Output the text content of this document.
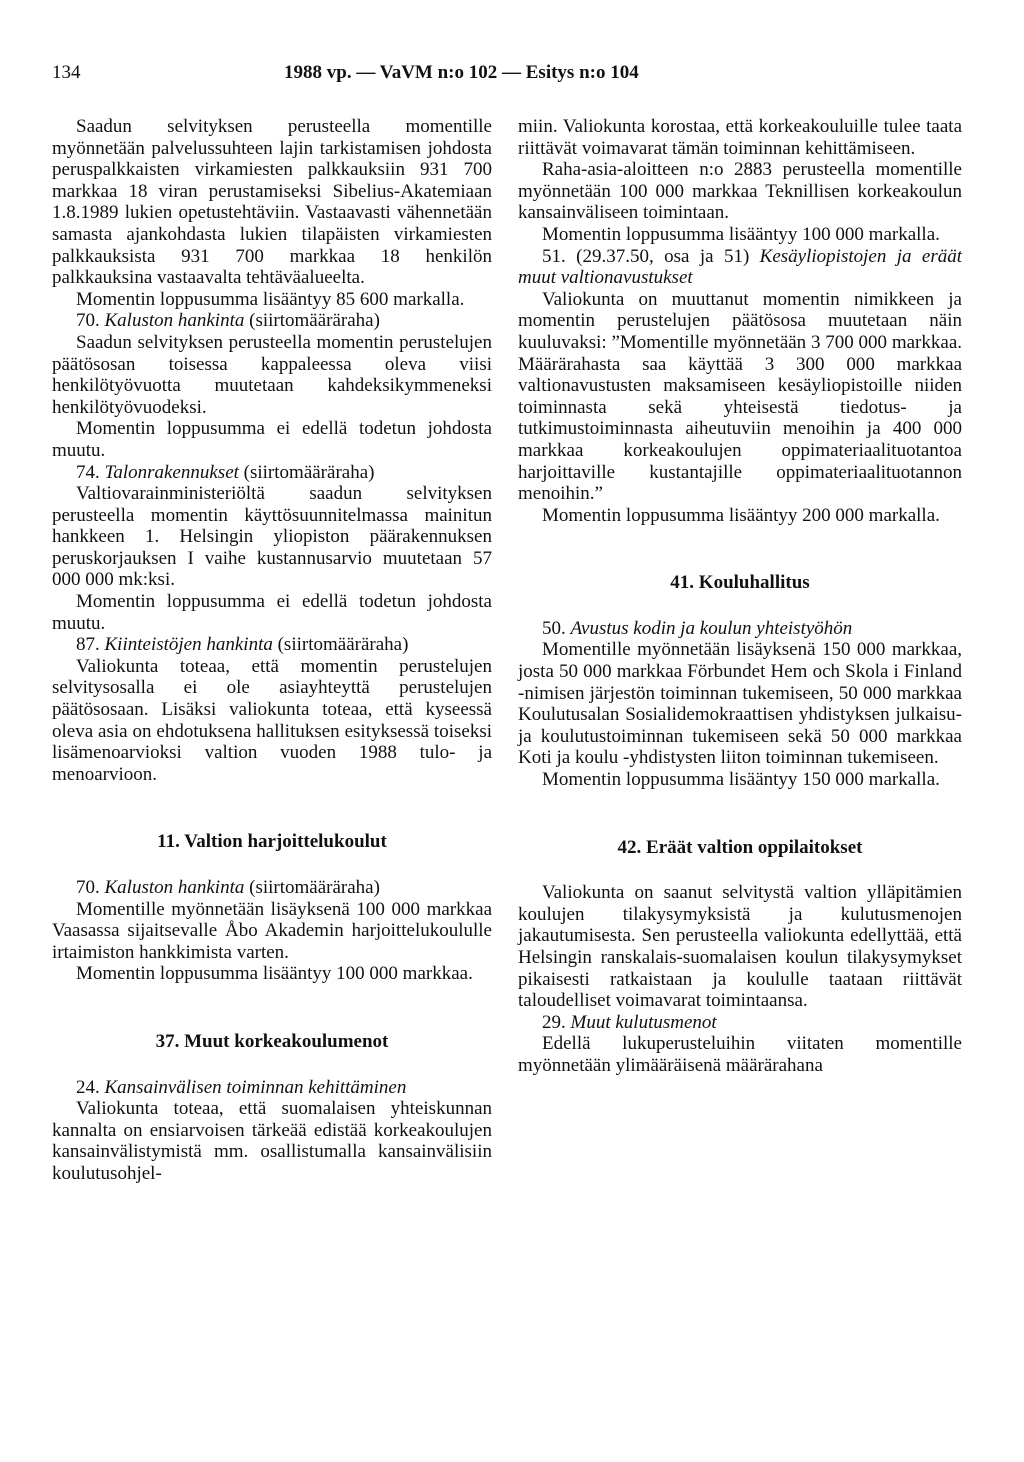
134	1988 vp. — VaVM n:o 102 — Esitys n:o 104
Saadun selvityksen perusteella momentille myönnetään palvelussuhteen lajin tarkistamisen johdosta peruspalkkaisten virkamiesten palkkauksiin 931 700 markkaa 18 viran perustamiseksi Sibelius-Akatemiaan 1.8.1989 lukien opetustehtäviin. Vastaavasti vähennetään samasta ajankohdasta lukien tilapäisten virkamiesten palkkauksista 931 700 markkaa 18 henkilön palkkauksina vastaavalta tehtäväalueelta.
Momentin loppusumma lisääntyy 85 600 markalla.
70. Kaluston hankinta (siirtomääräraha)
Saadun selvityksen perusteella momentin perustelujen päätösosan toisessa kappaleessa oleva viisi henkilötyövuotta muutetaan kahdeksikymmeneksi henkilötyövuodeksi.
Momentin loppusumma ei edellä todetun johdosta muutu.
74. Talonrakennukset (siirtomääräraha)
Valtiovarainministeriöltä saadun selvityksen perusteella momentin käyttösuunnitelmassa mainitun hankkeen 1. Helsingin yliopiston päärakennuksen peruskorjauksen I vaihe kustannusarvio muutetaan 57 000 000 mk:ksi.
Momentin loppusumma ei edellä todetun johdosta muutu.
87. Kiinteistöjen hankinta (siirtomääräraha)
Valiokunta toteaa, että momentin perustelujen selvitysosalla ei ole asiayhteyttä perustelujen päätösosaan. Lisäksi valiokunta toteaa, että kyseessä oleva asia on ehdotuksena hallituksen esityksessä toiseksi lisämenoarvioksi valtion vuoden 1988 tulo- ja menoarvioon.
11. Valtion harjoittelukoulut
70. Kaluston hankinta (siirtomääräraha)
Momentille myönnetään lisäyksenä 100 000 markkaa Vaasassa sijaitsevalle Åbo Akademin harjoittelukoululle irtaimiston hankkimista varten.
Momentin loppusumma lisääntyy 100 000 markkaa.
37. Muut korkeakoulumenot
24. Kansainvälisen toiminnan kehittäminen
Valiokunta toteaa, että suomalaisen yhteiskunnan kannalta on ensiarvoisen tärkeää edistää korkeakoulujen kansainvälistymistä mm. osallistumalla kansainvälisiin koulutusohjel-
miin. Valiokunta korostaa, että korkeakouluille tulee taata riittävät voimavarat tämän toiminnan kehittämiseen.
Raha-asia-aloitteen n:o 2883 perusteella momentille myönnetään 100 000 markkaa Teknillisen korkeakoulun kansainväliseen toimintaan.
Momentin loppusumma lisääntyy 100 000 markalla.
51. (29.37.50, osa ja 51) Kesäyliopistojen ja eräät muut valtionavustukset
Valiokunta on muuttanut momentin nimikkeen ja momentin perustelujen päätösosa muutetaan näin kuuluvaksi: ”Momentille myönnetään 3 700 000 markkaa. Määrärahasta saa käyttää 3 300 000 markkaa valtionavustusten maksamiseen kesäyliopistoille niiden toiminnasta sekä yhteisestä tiedotus- ja tutkimustoiminnasta aiheutuviin menoihin ja 400 000 markkaa korkeakoulujen oppimateriaalituotantoa harjoittaville kustantajille oppimateriaalituotannon menoihin.”
Momentin loppusumma lisääntyy 200 000 markalla.
41. Kouluhallitus
50. Avustus kodin ja koulun yhteistyöhön
Momentille myönnetään lisäyksenä 150 000 markkaa, josta 50 000 markkaa Förbundet Hem och Skola i Finland -nimisen järjestön toiminnan tukemiseen, 50 000 markkaa Koulutusalan Sosialidemokraattisen yhdistyksen julkaisu- ja koulutustoiminnan tukemiseen sekä 50 000 markkaa Koti ja koulu -yhdistysten liiton toiminnan tukemiseen.
Momentin loppusumma lisääntyy 150 000 markalla.
42. Eräät valtion oppilaitokset
Valiokunta on saanut selvitystä valtion ylläpitämien koulujen tilakysymyksistä ja kulutusmenojen jakautumisesta. Sen perusteella valiokunta edellyttää, että Helsingin ranskalais-suomalaisen koulun tilakysymykset pikaisesti ratkaistaan ja koululle taataan riittävät taloudelliset voimavarat toimintaansa.
29. Muut kulutusmenot
Edellä lukuperusteluihin viitaten momentille myönnetään ylimääräisenä määrärahana
